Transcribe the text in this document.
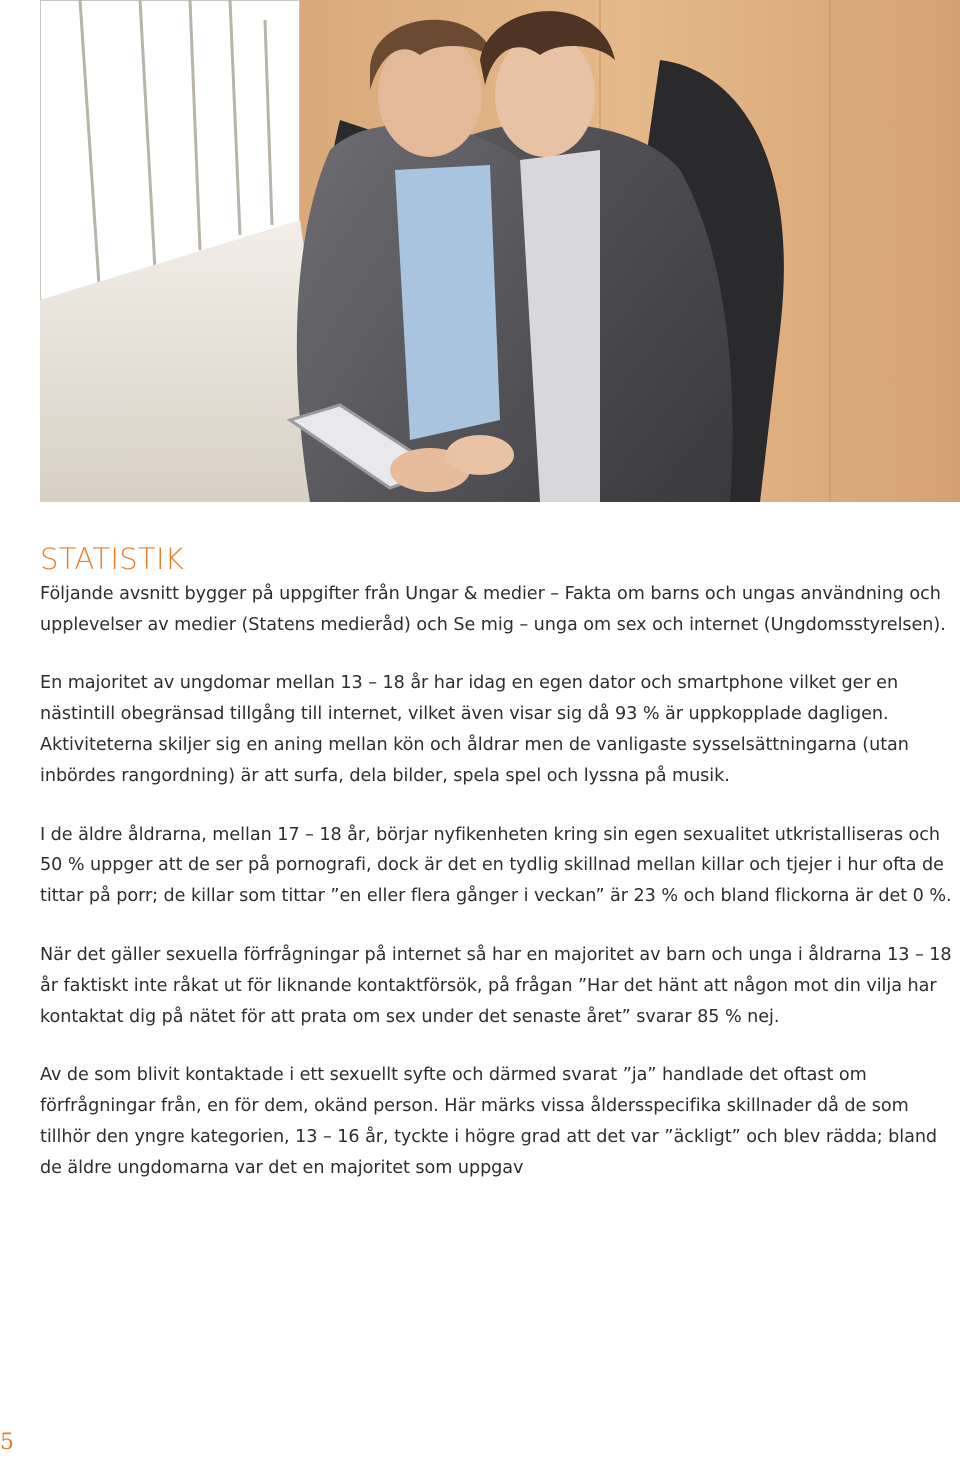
STATISTIK

Följande avsnitt bygger på uppgifter från Ungar & medier – Fakta om barns och ungas användning och upplevelser av medier (Statens medieråd) och Se mig – unga om sex och internet (Ungdomsstyrelsen).

En majoritet av ungdomar mellan 13 – 18 år har idag en egen dator och smartphone vilket ger en nästintill obegränsad tillgång till internet, vilket även visar sig då 93 % är uppkopplade dagligen. Aktiviteterna skiljer sig en aning mellan kön och åldrar men de vanligaste sysselsättningarna (utan inbördes rangordning) är att surfa, dela bilder, spela spel och lyssna på musik.

I de äldre åldrarna, mellan 17 – 18 år, börjar nyfikenheten kring sin egen sexualitet utkristalliseras och 50 % uppger att de ser på pornografi, dock är det en tydlig skillnad mellan killar och tjejer i hur ofta de tittar på porr; de killar som tittar ”en eller flera gånger i veckan” är 23 % och bland flickorna är det 0 %.

När det gäller sexuella förfrågningar på internet så har en majoritet av barn och unga i åldrarna 13 – 18 år faktiskt inte råkat ut för liknande kontaktförsök, på frågan ”Har det hänt att någon mot din vilja har kontaktat dig på nätet för att prata om sex under det senaste året” svarar 85 % nej.

Av de som blivit kontaktade i ett sexuellt syfte och därmed svarat ”ja” handlade det oftast om förfrågningar från, en för dem, okänd person. Här märks vissa åldersspecifika skillnader då de som tillhör den yngre kategorien, 13 – 16 år, tyckte i högre grad att det var ”äckligt” och blev rädda; bland de äldre ungdomarna var det en majoritet som uppgav

5
